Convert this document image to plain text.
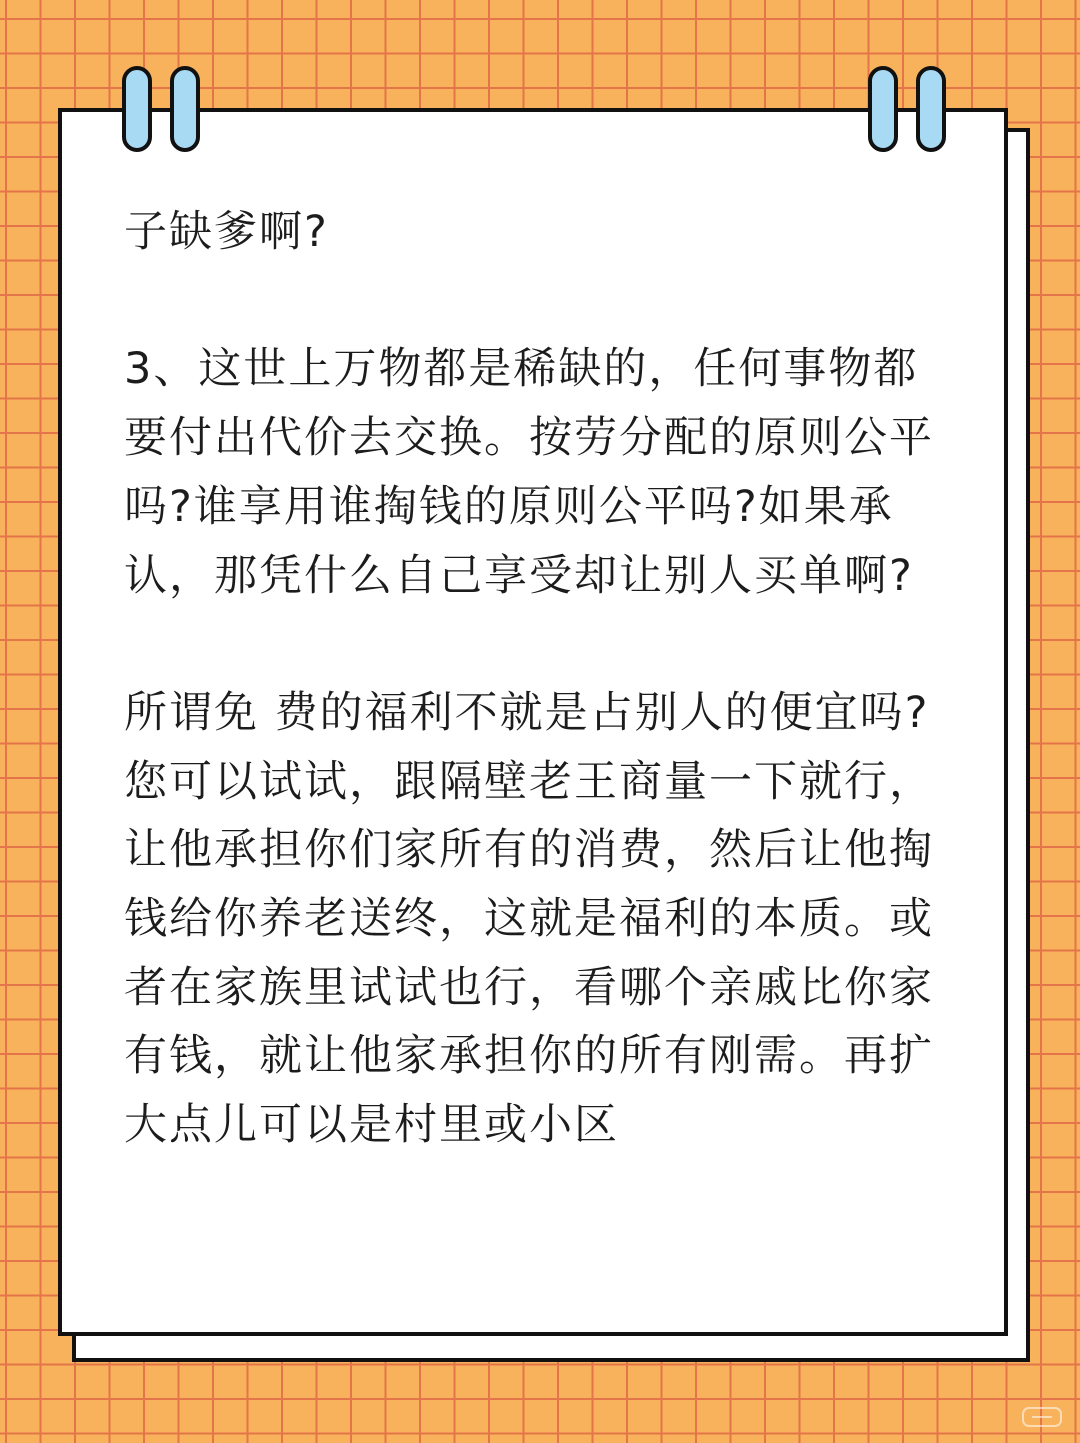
子缺爹啊?

3、这世上万物都是稀缺的，任何事物都要付出代价去交换。按劳分配的原则公平吗?谁享用谁掏钱的原则公平吗?如果承认，那凭什么自己享受却让别人买单啊?

所谓免 费的福利不就是占别人的便宜吗?您可以试试，跟隔壁老王商量一下就行，让他承担你们家所有的消费，然后让他掏钱给你养老送终，这就是福利的本质。或者在家族里试试也行，看哪个亲戚比你家有钱，就让他家承担你的所有刚需。再扩大点儿可以是村里或小区
